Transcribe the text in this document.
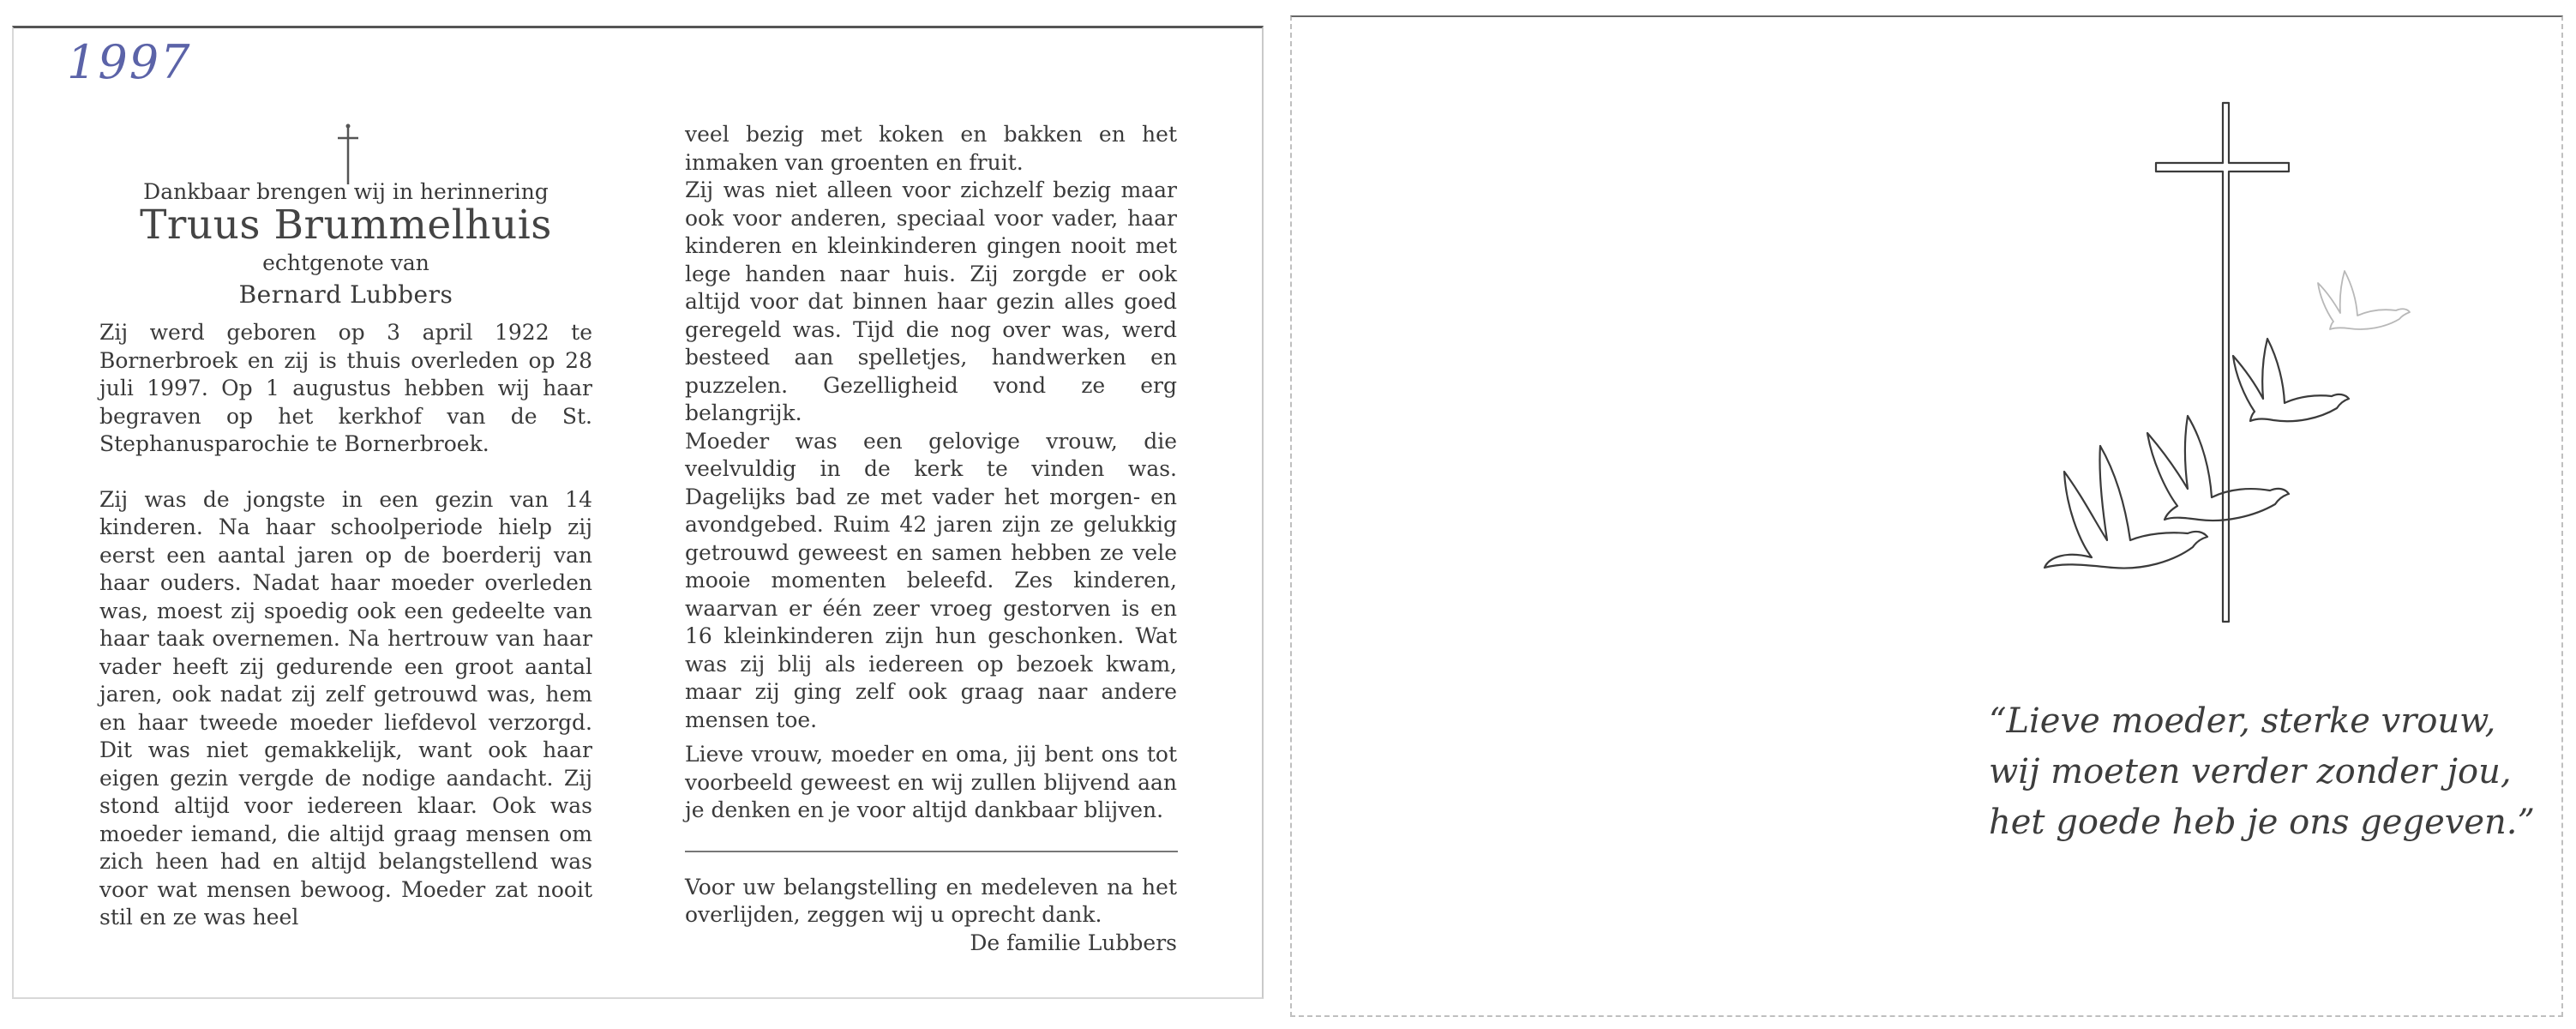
1997
Dankbaar brengen wij in herinnering
Truus Brummelhuis
echtgenote van
Bernard Lubbers

Zij werd geboren op 3 april 1922 te Bornerbroek en zij is thuis overleden op 28 juli 1997. Op 1 augustus hebben wij haar begraven op het kerkhof van de St. Stephanusparochie te Bornerbroek.

Zij was de jongste in een gezin van 14 kinderen. Na haar schoolperiode hielp zij eerst een aantal jaren op de boerderij van haar ouders. Nadat haar moeder overleden was, moest zij spoedig ook een gedeelte van haar taak overnemen. Na hertrouw van haar vader heeft zij gedurende een groot aantal jaren, ook nadat zij zelf getrouwd was, hem en haar tweede moeder liefdevol verzorgd. Dit was niet gemakkelijk, want ook haar eigen gezin vergde de nodige aandacht. Zij stond altijd voor iedereen klaar. Ook was moeder iemand, die altijd graag mensen om zich heen had en altijd belangstellend was voor wat mensen bewoog. Moeder zat nooit stil en ze was heel

veel bezig met koken en bakken en het inmaken van groenten en fruit.

Zij was niet alleen voor zichzelf bezig maar ook voor anderen, speciaal voor vader, haar kinderen en kleinkinderen gingen nooit met lege handen naar huis. Zij zorgde er ook altijd voor dat binnen haar gezin alles goed geregeld was. Tijd die nog over was, werd besteed aan spelletjes, handwerken en puzzelen. Gezelligheid vond ze erg belangrijk.

Moeder was een gelovige vrouw, die veelvuldig in de kerk te vinden was. Dagelijks bad ze met vader het morgen- en avondgebed. Ruim 42 jaren zijn ze gelukkig getrouwd geweest en samen hebben ze vele mooie momenten beleefd. Zes kinderen, waarvan er één zeer vroeg gestorven is en 16 kleinkinderen zijn hun geschonken. Wat was zij blij als iedereen op bezoek kwam, maar zij ging zelf ook graag naar andere mensen toe.

Lieve vrouw, moeder en oma, jij bent ons tot voorbeeld geweest en wij zullen blijvend aan je denken en je voor altijd dankbaar blijven.

Voor uw belangstelling en medeleven na het overlijden, zeggen wij u oprecht dank.

De familie Lubbers

“Lieve moeder, sterke vrouw,
wij moeten verder zonder jou,
het goede heb je ons gegeven.”
